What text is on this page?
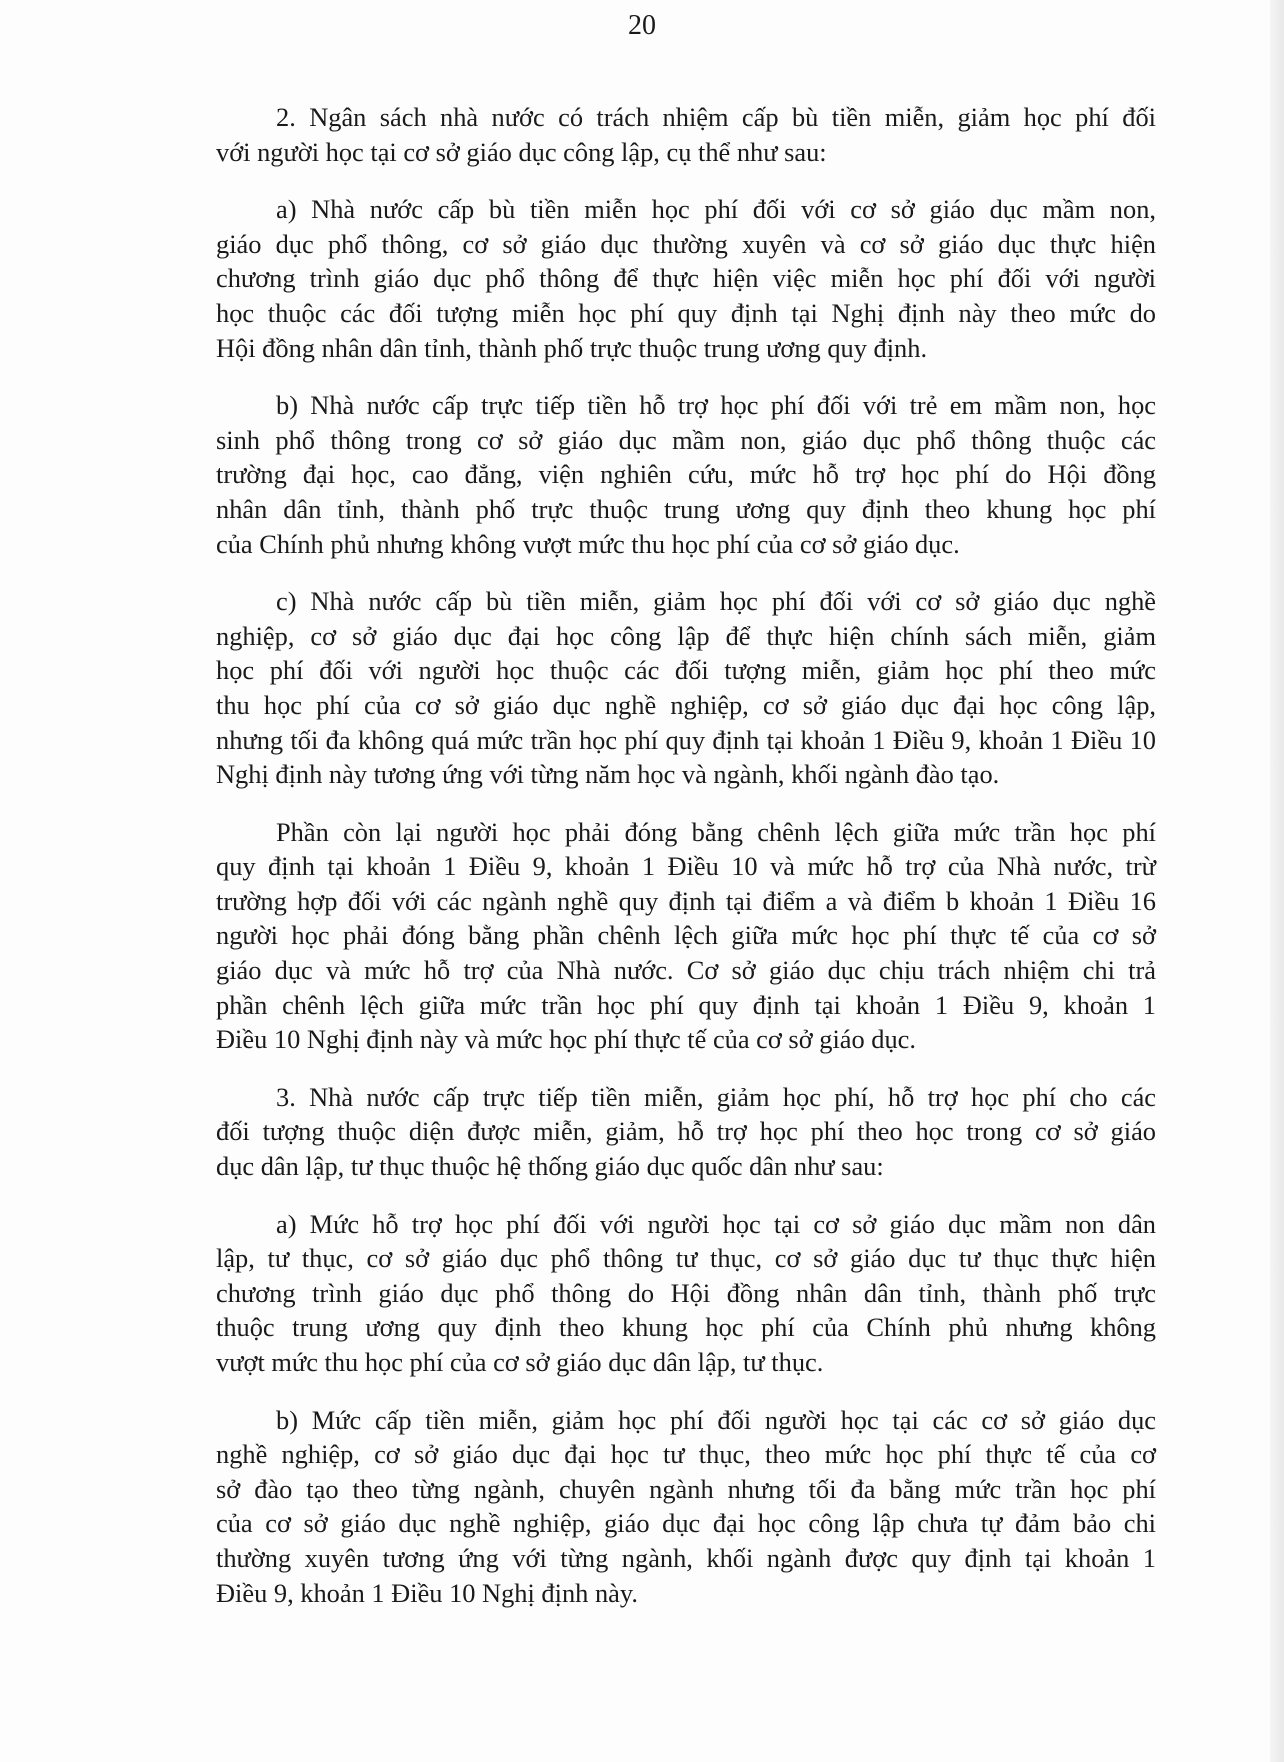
20

2. Ngân sách nhà nước có trách nhiệm cấp bù tiền miễn, giảm học phí đối
với người học tại cơ sở giáo dục công lập, cụ thể như sau:

a) Nhà nước cấp bù tiền miễn học phí đối với cơ sở giáo dục mầm non,
giáo dục phổ thông, cơ sở giáo dục thường xuyên và cơ sở giáo dục thực hiện
chương trình giáo dục phổ thông để thực hiện việc miễn học phí đối với người
học thuộc các đối tượng miễn học phí quy định tại Nghị định này theo mức do
Hội đồng nhân dân tỉnh, thành phố trực thuộc trung ương quy định.

b) Nhà nước cấp trực tiếp tiền hỗ trợ học phí đối với trẻ em mầm non, học
sinh phổ thông trong cơ sở giáo dục mầm non, giáo dục phổ thông thuộc các
trường đại học, cao đẳng, viện nghiên cứu, mức hỗ trợ học phí do Hội đồng
nhân dân tỉnh, thành phố trực thuộc trung ương quy định theo khung học phí
của Chính phủ nhưng không vượt mức thu học phí của cơ sở giáo dục.

c) Nhà nước cấp bù tiền miễn, giảm học phí đối với cơ sở giáo dục nghề
nghiệp, cơ sở giáo dục đại học công lập để thực hiện chính sách miễn, giảm
học phí đối với người học thuộc các đối tượng miễn, giảm học phí theo mức
thu học phí của cơ sở giáo dục nghề nghiệp, cơ sở giáo dục đại học công lập,
nhưng tối đa không quá mức trần học phí quy định tại khoản 1 Điều 9, khoản 1 Điều 10
Nghị định này tương ứng với từng năm học và ngành, khối ngành đào tạo.

Phần còn lại người học phải đóng bằng chênh lệch giữa mức trần học phí
quy định tại khoản 1 Điều 9, khoản 1 Điều 10 và mức hỗ trợ của Nhà nước, trừ
trường hợp đối với các ngành nghề quy định tại điểm a và điểm b khoản 1 Điều 16
người học phải đóng bằng phần chênh lệch giữa mức học phí thực tế của cơ sở
giáo dục và mức hỗ trợ của Nhà nước. Cơ sở giáo dục chịu trách nhiệm chi trả
phần chênh lệch giữa mức trần học phí quy định tại khoản 1 Điều 9, khoản 1
Điều 10 Nghị định này và mức học phí thực tế của cơ sở giáo dục.

3. Nhà nước cấp trực tiếp tiền miễn, giảm học phí, hỗ trợ học phí cho các
đối tượng thuộc diện được miễn, giảm, hỗ trợ học phí theo học trong cơ sở giáo
dục dân lập, tư thục thuộc hệ thống giáo dục quốc dân như sau:

a) Mức hỗ trợ học phí đối với người học tại cơ sở giáo dục mầm non dân
lập, tư thục, cơ sở giáo dục phổ thông tư thục, cơ sở giáo dục tư thục thực hiện
chương trình giáo dục phổ thông do Hội đồng nhân dân tỉnh, thành phố trực
thuộc trung ương quy định theo khung học phí của Chính phủ nhưng không
vượt mức thu học phí của cơ sở giáo dục dân lập, tư thục.

b) Mức cấp tiền miễn, giảm học phí đối người học tại các cơ sở giáo dục
nghề nghiệp, cơ sở giáo dục đại học tư thục, theo mức học phí thực tế của cơ
sở đào tạo theo từng ngành, chuyên ngành nhưng tối đa bằng mức trần học phí
của cơ sở giáo dục nghề nghiệp, giáo dục đại học công lập chưa tự đảm bảo chi
thường xuyên tương ứng với từng ngành, khối ngành được quy định tại khoản 1
Điều 9, khoản 1 Điều 10 Nghị định này.
